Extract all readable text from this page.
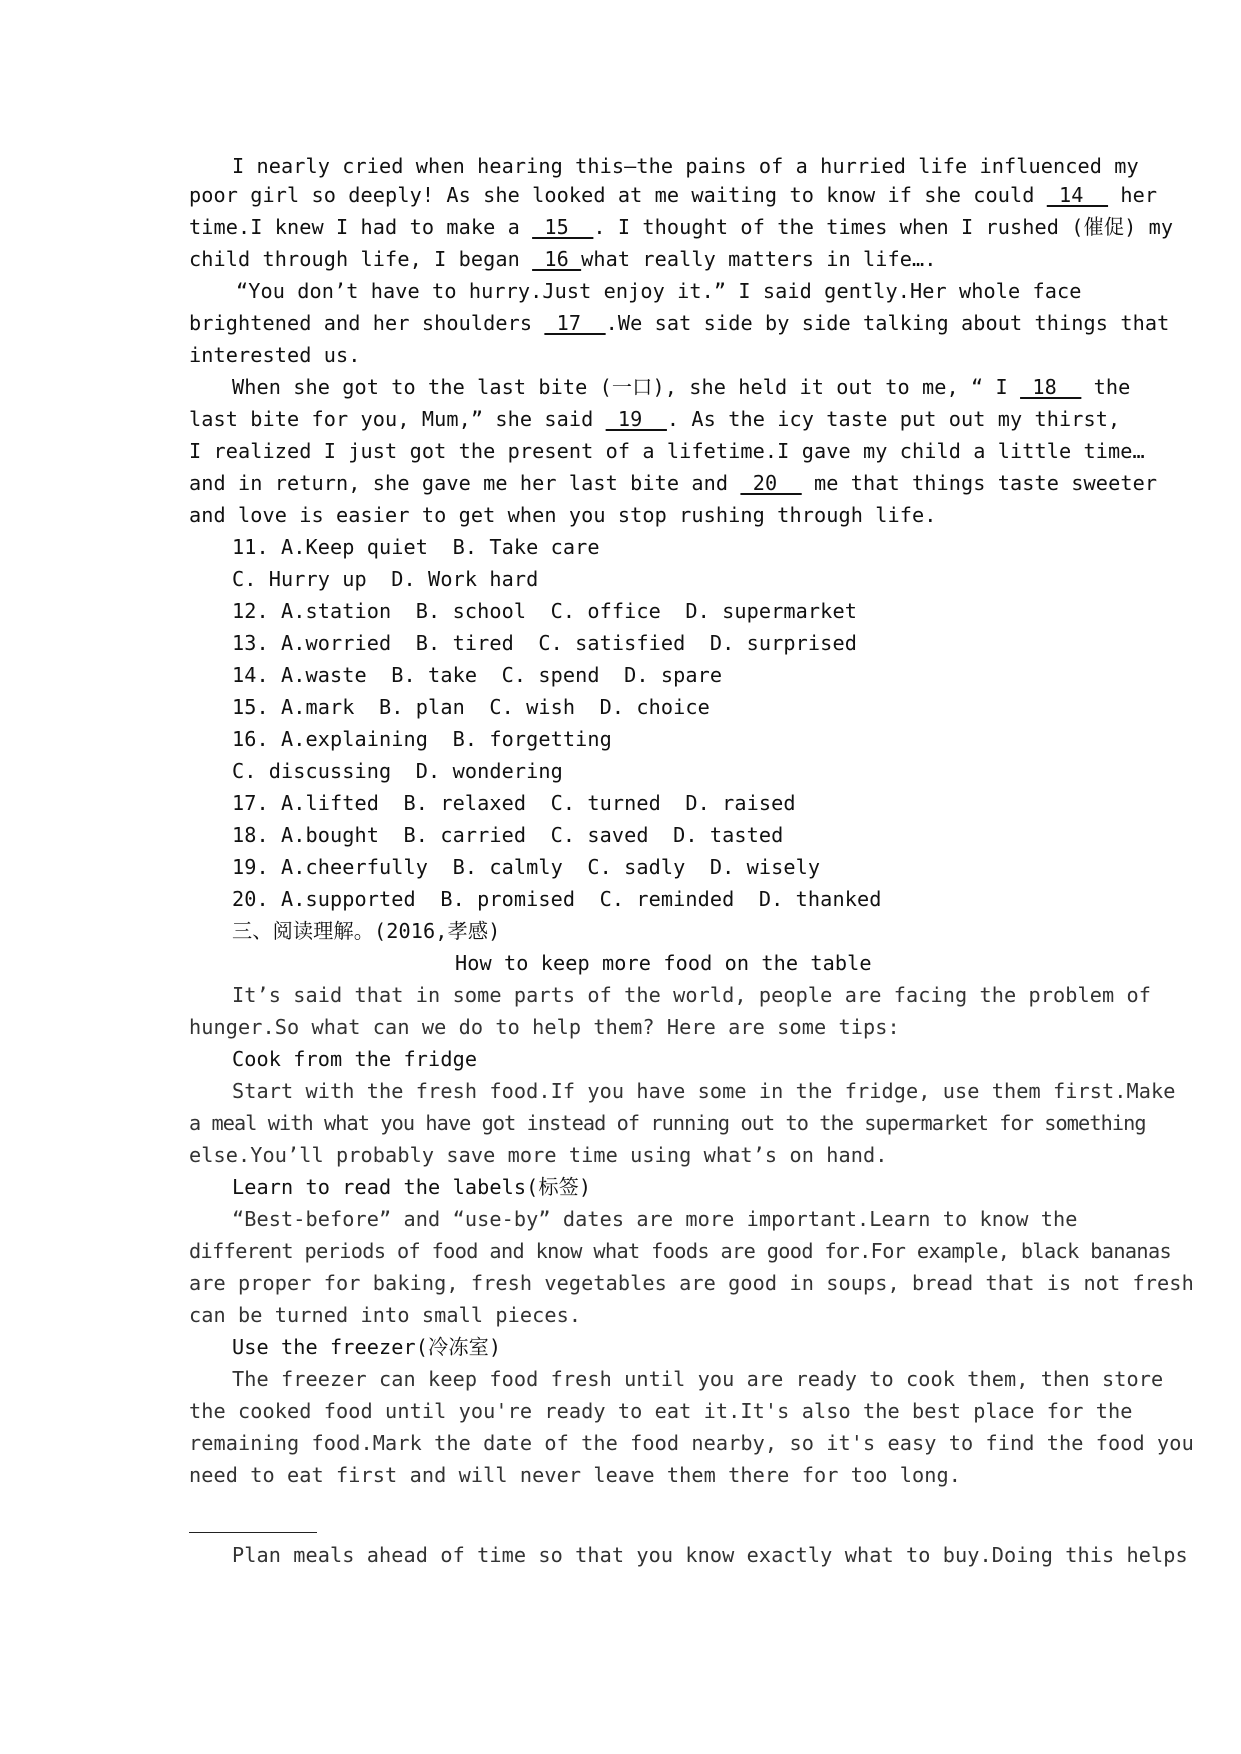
I nearly cried when hearing this—the pains of a hurried life influenced my
poor girl so deeply! As she looked at me waiting to know if she could  14   her
time.I knew I had to make a  15  . I thought of the times when I rushed (催促) my
child through life, I began  16 what really matters in life….
“You don’t have to hurry.Just enjoy it.” I said gently.Her whole face
brightened and her shoulders  17  .We sat side by side talking about things that
interested us.
When she got to the last bite (一口), she held it out to me, “ I  18   the
last bite for you, Mum,” she said  19  . As the icy taste put out my thirst,
I realized I just got the present of a lifetime.I gave my child a little time…
and in return, she gave me her last bite and  20   me that things taste sweeter
and love is easier to get when you stop rushing through life.
11. A.Keep quiet  B. Take care
C. Hurry up  D. Work hard
12. A.station  B. school  C. office  D. supermarket
13. A.worried  B. tired  C. satisfied  D. surprised
14. A.waste  B. take  C. spend  D. spare
15. A.mark  B. plan  C. wish  D. choice
16. A.explaining  B. forgetting
C. discussing  D. wondering
17. A.lifted  B. relaxed  C. turned  D. raised
18. A.bought  B. carried  C. saved  D. tasted
19. A.cheerfully  B. calmly  C. sadly  D. wisely
20. A.supported  B. promised  C. reminded  D. thanked
三、阅读理解。(2016,孝感)
How to keep more food on the table
It’s said that in some parts of the world, people are facing the problem of
hunger.So what can we do to help them? Here are some tips:
Cook from the fridge
Start with the fresh food.If you have some in the fridge, use them first.Make
a meal with what you have got instead of running out to the supermarket for something
else.You’ll probably save more time using what’s on hand.
Learn to read the labels(标签)
“Best-before” and “use-by” dates are more important.Learn to know the
different periods of food and know what foods are good for.For example, black bananas
are proper for baking, fresh vegetables are good in soups, bread that is not fresh
can be turned into small pieces.
Use the freezer(冷冻室)
The freezer can keep food fresh until you are ready to cook them, then store
the cooked food until you're ready to eat it.It's also the best place for the
remaining food.Mark the date of the food nearby, so it's easy to find the food you
need to eat first and will never leave them there for too long.
Plan meals ahead of time so that you know exactly what to buy.Doing this helps
